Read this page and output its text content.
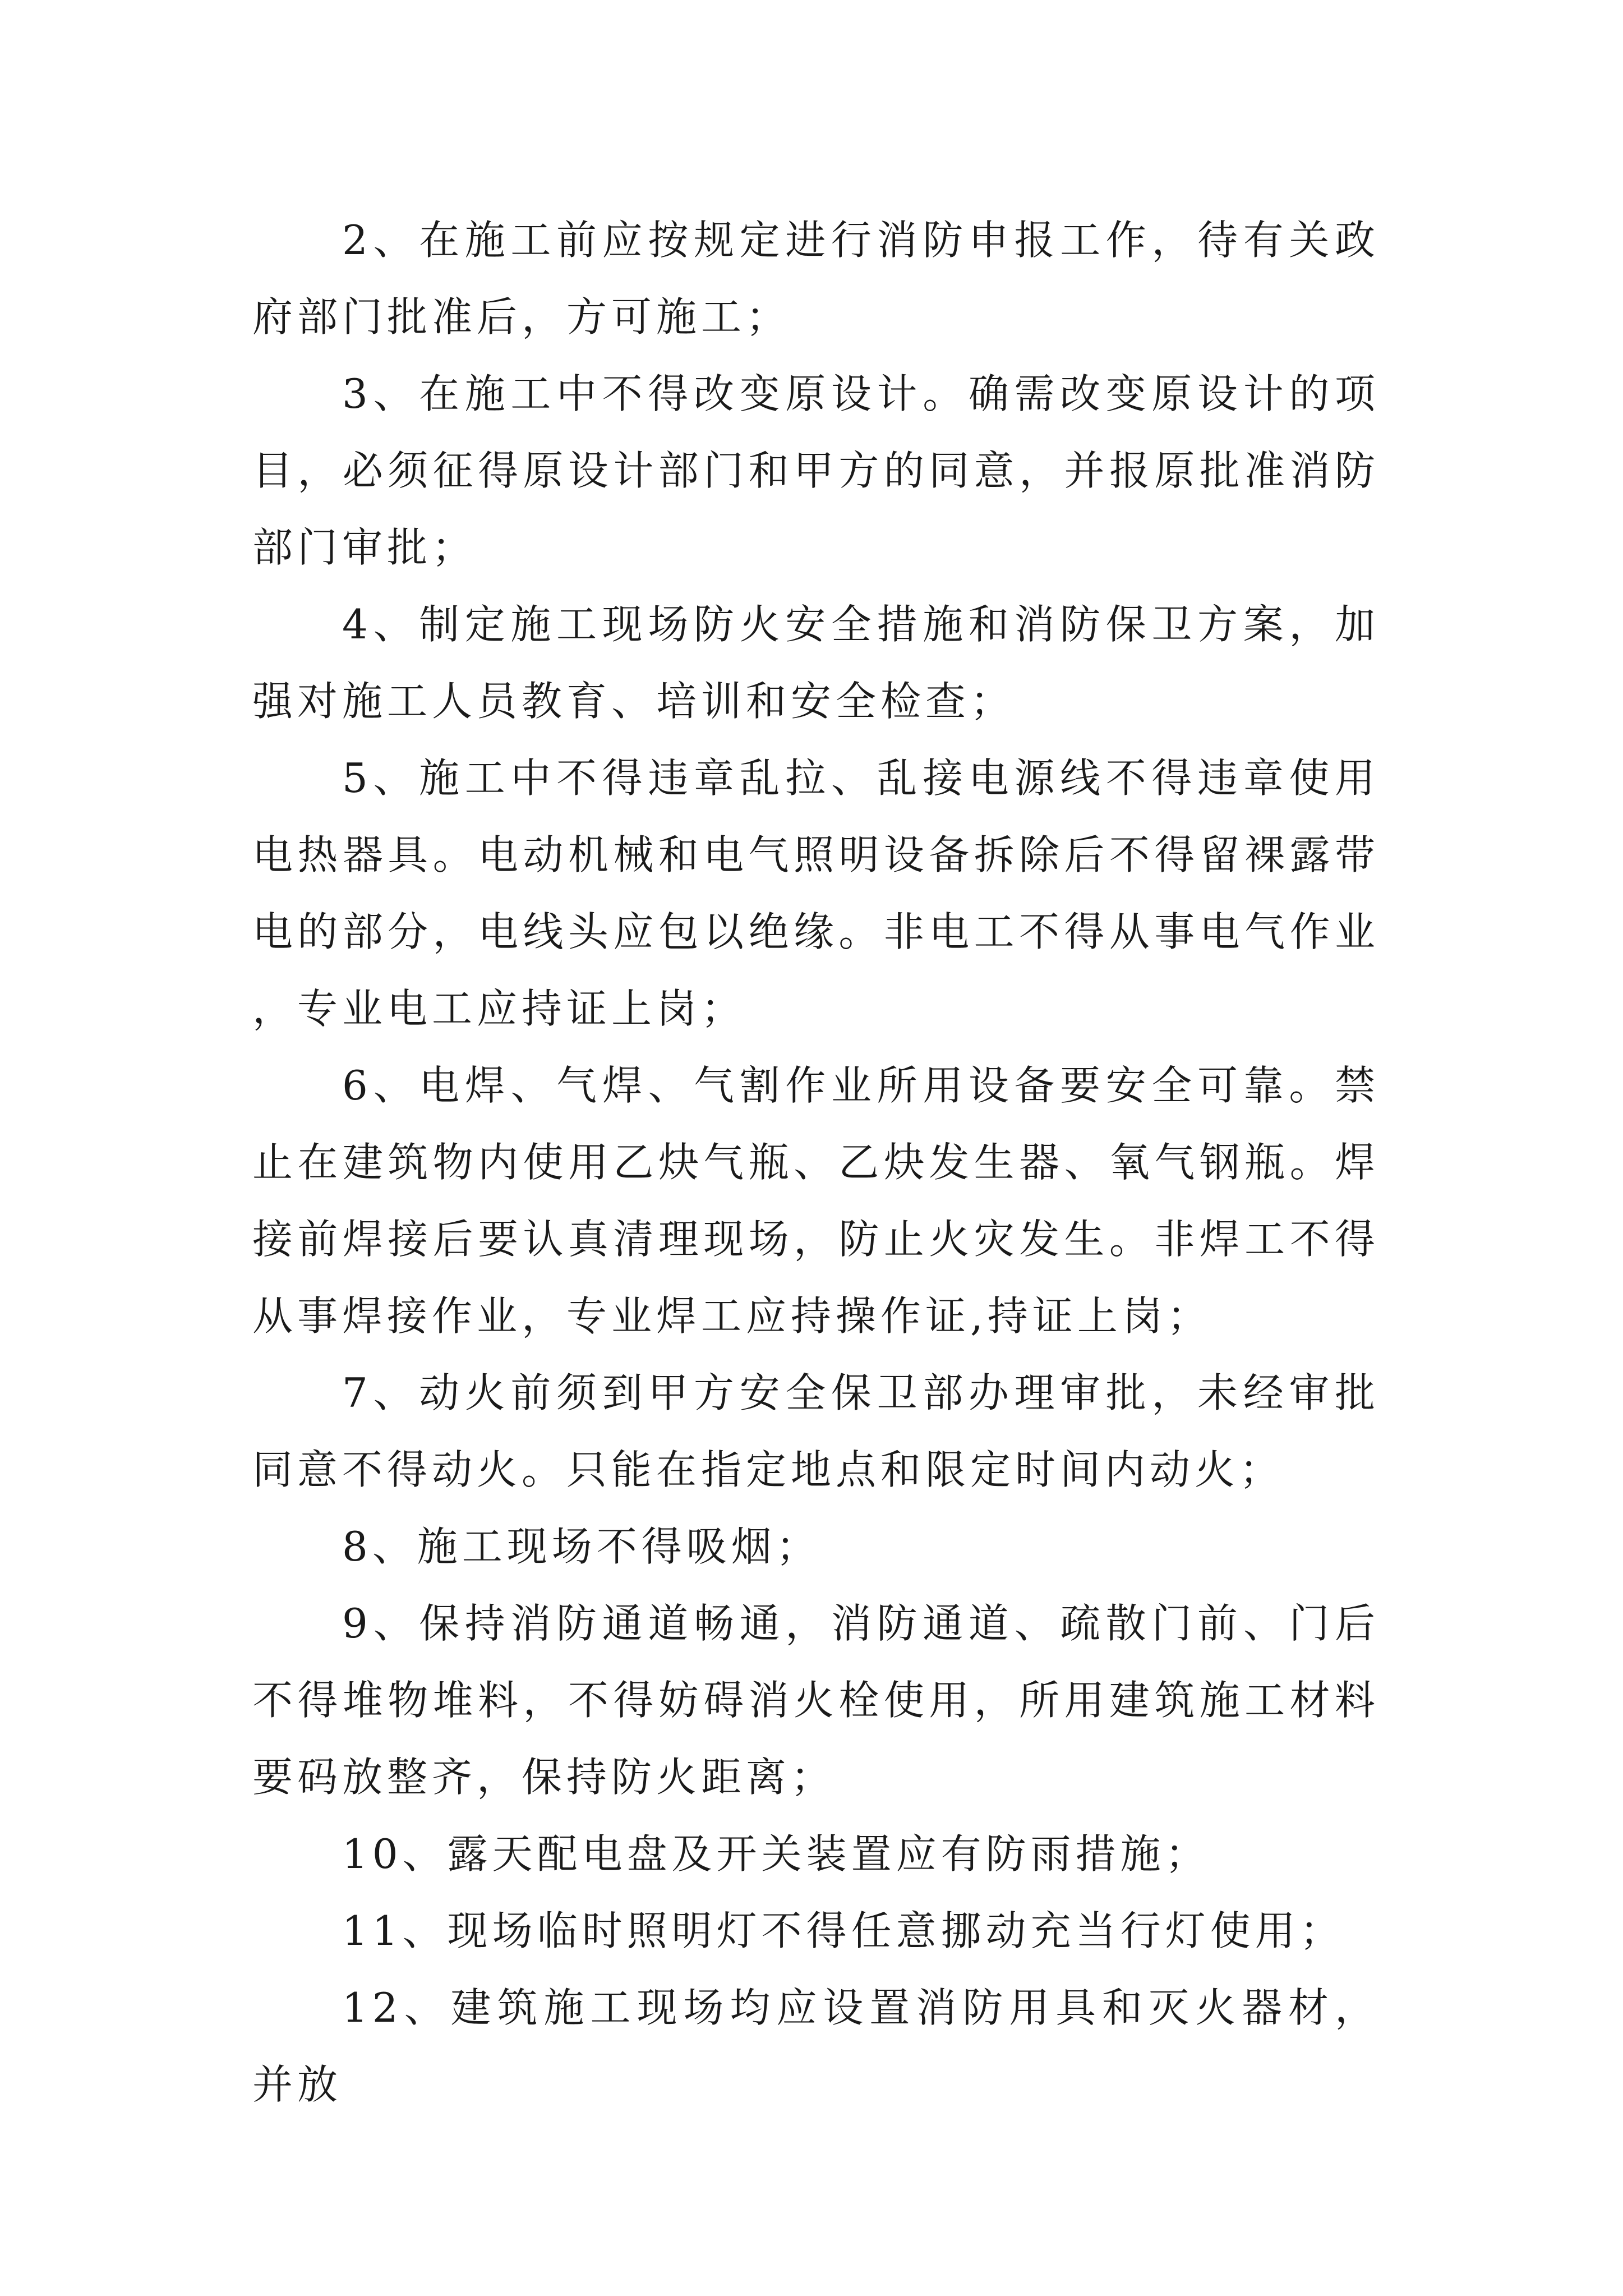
2、在施工前应按规定进行消防申报工作，待有关政府部门批准后，方可施工；

3、在施工中不得改变原设计。确需改变原设计的项目，必须征得原设计部门和甲方的同意，并报原批准消防部门审批；

4、制定施工现场防火安全措施和消防保卫方案，加强对施工人员教育、培训和安全检查；

5、施工中不得违章乱拉、乱接电源线不得违章使用电热器具。电动机械和电气照明设备拆除后不得留裸露带电的部分，电线头应包以绝缘。非电工不得从事电气作业，专业电工应持证上岗；

6、电焊、气焊、气割作业所用设备要安全可靠。禁止在建筑物内使用乙炔气瓶、乙炔发生器、氧气钢瓶。焊接前焊接后要认真清理现场，防止火灾发生。非焊工不得从事焊接作业，专业焊工应持操作证,持证上岗；

7、动火前须到甲方安全保卫部办理审批，未经审批同意不得动火。只能在指定地点和限定时间内动火；

8、施工现场不得吸烟；

9、保持消防通道畅通，消防通道、疏散门前、门后不得堆物堆料，不得妨碍消火栓使用，所用建筑施工材料要码放整齐，保持防火距离；

10、露天配电盘及开关装置应有防雨措施；

11、现场临时照明灯不得任意挪动充当行灯使用；

12、建筑施工现场均应设置消防用具和灭火器材，并放
